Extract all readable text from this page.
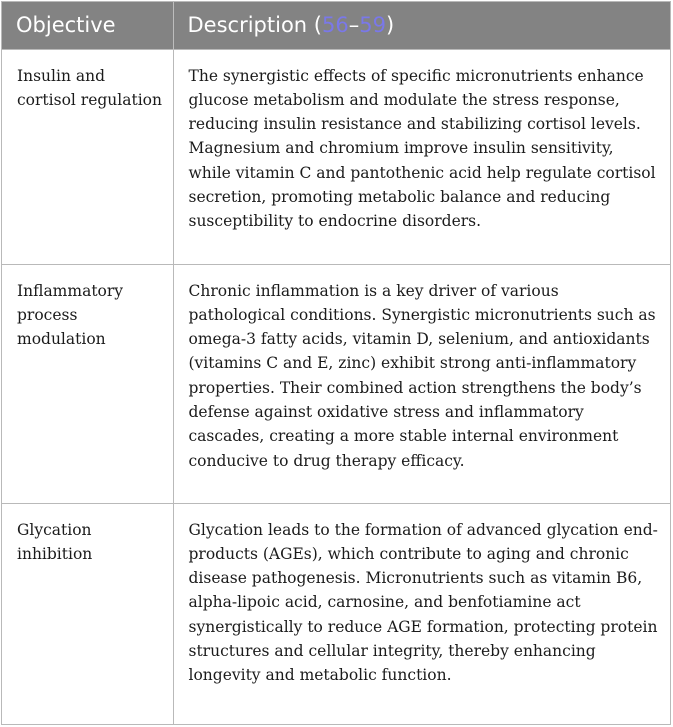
Objective	Description (56–59)
Insulin and cortisol regulation	The synergistic effects of specific micronutrients enhance glucose metabolism and modulate the stress response, reducing insulin resistance and stabilizing cortisol levels. Magnesium and chromium improve insulin sensitivity, while vitamin C and pantothenic acid help regulate cortisol secretion, promoting metabolic balance and reducing susceptibility to endocrine disorders.
Inflammatory process modulation	Chronic inflammation is a key driver of various pathological conditions. Synergistic micronutrients such as omega-3 fatty acids, vitamin D, selenium, and antioxidants (vitamins C and E, zinc) exhibit strong anti-inflammatory properties. Their combined action strengthens the body’s defense against oxidative stress and inflammatory cascades, creating a more stable internal environment conducive to drug therapy efficacy.
Glycation inhibition	Glycation leads to the formation of advanced glycation end-products (AGEs), which contribute to aging and chronic disease pathogenesis. Micronutrients such as vitamin B6, alpha-lipoic acid, carnosine, and benfotiamine act synergistically to reduce AGE formation, protecting protein structures and cellular integrity, thereby enhancing longevity and metabolic function.
